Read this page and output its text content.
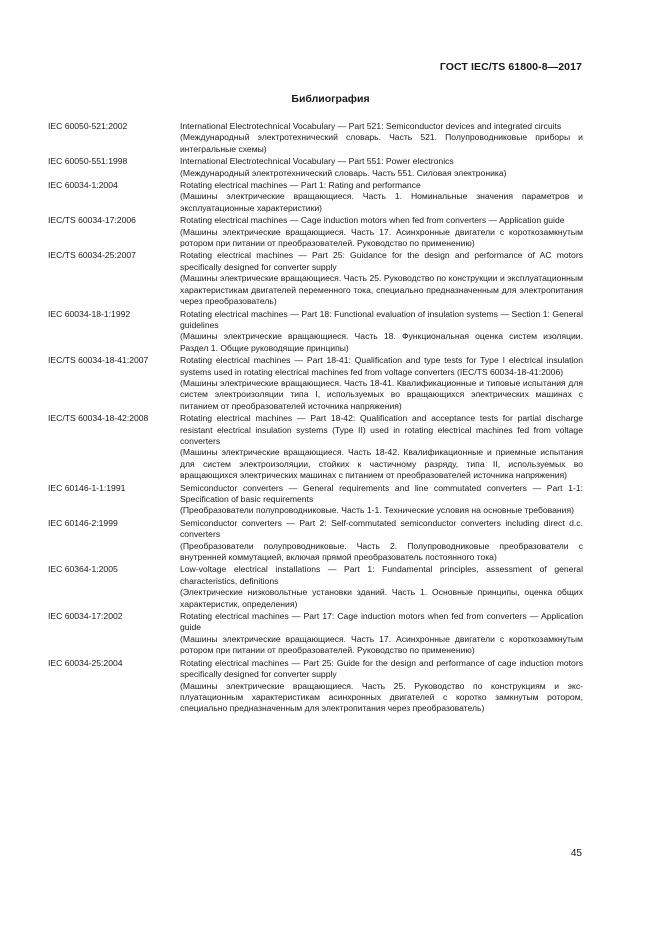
ГОСТ IEC/TS 61800-8—2017
Библиография
IEC 60050-521:2002	International Electrotechnical Vocabulary — Part 521: Semiconductor devices and integrated circuits

(Международный электротехнический словарь. Часть 521. Полупроводниковые приборы и интегральные схемы)

IEC 60050-551:1998	International Electrotechnical Vocabulary — Part 551: Power electronics

(Международный электротехнический словарь. Часть 551. Силовая электроника)

IEC 60034-1:2004	Rotating electrical machines — Part 1: Rating and performance

(Машины электрические вращающиеся. Часть 1. Номинальные значения параметров и эксплуатационные характеристики)

IEC/TS 60034-17:2006	Rotating electrical machines — Cage induction motors when fed from converters — Application guide

(Машины электрические вращающиеся. Часть 17. Асинхронные двигатели с короткозамкнутым ротором при питании от преобразователей. Руководство по применению)

IEC/TS 60034-25:2007	Rotating electrical machines — Part 25: Guidance for the design and performance of AC motors specifically designed for converter supply

(Машины электрические вращающиеся. Часть 25. Руководство по конструкции и эксплуатационным характеристикам двигателей переменного тока, специально предназначенным для электропитания через преобразователь)

IEC 60034-18-1:1992	Rotating electrical machines — Part 18: Functional evaluation of insulation systems — Section 1: General guidelines

(Машины электрические вращающиеся. Часть 18. Функциональная оценка систем изоляции. Раздел 1. Общие руководящие принципы)

IEC/TS 60034-18-41:2007	Rotating electrical machines — Part 18-41: Qualification and type tests for Type I electrical insulation systems used in rotating electrical machines fed from voltage converters (IEC/TS 60034-18-41:2006)

(Машины электрические вращающиеся. Часть 18-41. Квалификационные и типовые испытания для систем электроизоляции типа I, используемых во вращающихся электрических машинах с питанием от преобразователей источника напряжения)

IEC/TS 60034-18-42:2008	Rotating electrical machines — Part 18-42: Qualification and acceptance tests for partial discharge resistant electrical insulation systems (Type II) used in rotating electrical machines fed from voltage converters

(Машины электрические вращающиеся. Часть 18-42. Квалификационные и приемные испытания для систем электроизоляции, стойких к частичному разряду, типа II, используемых во вращающихся электрических машинах с питанием от преобразователей источника напряжения)

IEC 60146-1-1:1991	Semiconductor converters — General requirements and line commutated converters — Part 1-1: Specification of basic requirements

(Преобразователи полупроводниковые. Часть 1-1. Технические условия на основные требования)

IEC 60146-2:1999	Semiconductor converters — Part 2: Self-commutated semiconductor converters including direct d.c. converters

(Преобразователи полупроводниковые. Часть 2. Полупроводниковые преобразователи с внутренней коммутацией, включая прямой преобразователь постоянного тока)

IEC 60364-1:2005	Low-voltage electrical installations — Part 1: Fundamental principles, assessment of general characteristics, definitions

(Электрические низковольтные установки зданий. Часть 1. Основные принципы, оценка общих характеристик, определения)

IEC 60034-17:2002	Rotating electrical machines — Part 17: Cage induction motors when fed from converters — Application guide

(Машины электрические вращающиеся. Часть 17. Асинхронные двигатели с короткозамкнутым ротором при питании от преобразователей. Руководство по применению)

IEC 60034-25:2004	Rotating electrical machines — Part 25: Guide for the design and performance of cage induction motors specifically designed for converter supply

(Машины электрические вращающиеся. Часть 25. Руководство по конструкциям и эксплуатационным характеристикам асинхронных двигателей с коротко замкнутым ротором, специально предназначенным для электропитания через преобразователь)

45
